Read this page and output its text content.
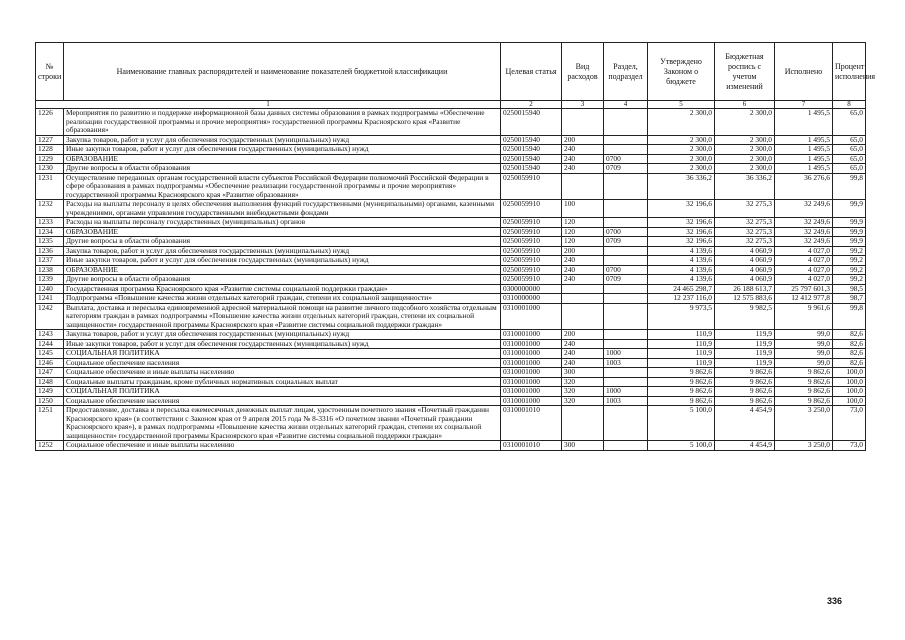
№ строки	Наименование главных распорядителей и наименование показателей бюджетной классификации	Целевая статья	Вид расходов	Раздел, подраздел	Утверждено Законом о бюджете	Бюджетная роспись с учетом изменений	Исполнено	Процент исполнения
1		2	3	4	5	6	7	8
1226	Мероприятия по развитию и поддержке информационной базы данных системы образования в рамках подпрограммы «Обеспечение реализации государственной программы и прочие мероприятия» государственной программы Красноярского края «Развитие образования»	0250015940			2 300,0	2 300,0	1 495,5	65,0
1227	Закупка товаров, работ и услуг для обеспечения государственных (муниципальных) нужд	0250015940	200		2 300,0	2 300,0	1 495,5	65,0
1228	Иные закупки товаров, работ и услуг для обеспечения государственных (муниципальных) нужд	0250015940	240		2 300,0	2 300,0	1 495,5	65,0
1229	ОБРАЗОВАНИЕ	0250015940	240	0700	2 300,0	2 300,0	1 495,5	65,0
1230	Другие вопросы в области образования	0250015940	240	0709	2 300,0	2 300,0	1 495,5	65,0
1231	Осуществление переданных органам государственной власти субъектов Российской Федерации полномочий Российской Федерации в сфере образования в рамках подпрограммы «Обеспечение реализации государственной программы и прочие мероприятия» государственной программы Красноярского края «Развитие образования»	0250059910			36 336,2	36 336,2	36 276,6	99,8
1232	Расходы на выплаты персоналу в целях обеспечения выполнения функций государственными (муниципальными) органами, казенными учреждениями, органами управления государственными внебюджетными фондами	0250059910	100		32 196,6	32 275,3	32 249,6	99,9
1233	Расходы на выплаты персоналу государственных (муниципальных) органов	0250059910	120		32 196,6	32 275,3	32 249,6	99,9
1234	ОБРАЗОВАНИЕ	0250059910	120	0700	32 196,6	32 275,3	32 249,6	99,9
1235	Другие вопросы в области образования	0250059910	120	0709	32 196,6	32 275,3	32 249,6	99,9
1236	Закупка товаров, работ и услуг для обеспечения государственных (муниципальных) нужд	0250059910	200		4 139,6	4 060,9	4 027,0	99,2
1237	Иные закупки товаров, работ и услуг для обеспечения государственных (муниципальных) нужд	0250059910	240		4 139,6	4 060,9	4 027,0	99,2
1238	ОБРАЗОВАНИЕ	0250059910	240	0700	4 139,6	4 060,9	4 027,0	99,2
1239	Другие вопросы в области образования	0250059910	240	0709	4 139,6	4 060,9	4 027,0	99,2
1240	Государственная программа Красноярского края «Развитие системы социальной поддержки граждан»	0300000000			24 465 298,7	26 188 613,7	25 797 601,3	98,5
1241	Подпрограмма «Повышение качества жизни отдельных категорий граждан, степени их социальной защищенности»	0310000000			12 237 116,0	12 575 883,6	12 412 977,8	98,7
1242	Выплата, доставка и пересылка единовременной адресной материальной помощи на развитие личного подсобного хозяйства отдельным категориям граждан в рамках подпрограммы «Повышение качества жизни отдельных категорий граждан, степени их социальной защищенности» государственной программы Красноярского края «Развитие системы социальной поддержки граждан»	0310001000			9 973,5	9 982,5	9 961,6	99,8
1243	Закупка товаров, работ и услуг для обеспечения государственных (муниципальных) нужд	0310001000	200		110,9	119,9	99,0	82,6
1244	Иные закупки товаров, работ и услуг для обеспечения государственных (муниципальных) нужд	0310001000	240		110,9	119,9	99,0	82,6
1245	СОЦИАЛЬНАЯ ПОЛИТИКА	0310001000	240	1000	110,9	119,9	99,0	82,6
1246	Социальное обеспечение населения	0310001000	240	1003	110,9	119,9	99,0	82,6
1247	Социальное обеспечение и иные выплаты населению	0310001000	300		9 862,6	9 862,6	9 862,6	100,0
1248	Социальные выплаты гражданам, кроме публичных нормативных социальных выплат	0310001000	320		9 862,6	9 862,6	9 862,6	100,0
1249	СОЦИАЛЬНАЯ ПОЛИТИКА	0310001000	320	1000	9 862,6	9 862,6	9 862,6	100,0
1250	Социальное обеспечение населения	0310001000	320	1003	9 862,6	9 862,6	9 862,6	100,0
1251	Предоставление, доставка и пересылка ежемесячных денежных выплат лицам, удостоенным почетного звания «Почетный гражданин Красноярского края» (в соответствии с Законом края от 9 апреля 2015 года № 8-3316 «О почетном звании «Почетный гражданин Красноярского края»), в рамках подпрограммы «Повышение качества жизни отдельных категорий граждан, степени их социальной защищенности» государственной программы Красноярского края «Развитие системы социальной поддержки граждан»	0310001010			5 100,0	4 454,9	3 250,0	73,0
1252	Социальное обеспечение и иные выплаты населению	0310001010	300		5 100,0	4 454,9	3 250,0	73,0
336
